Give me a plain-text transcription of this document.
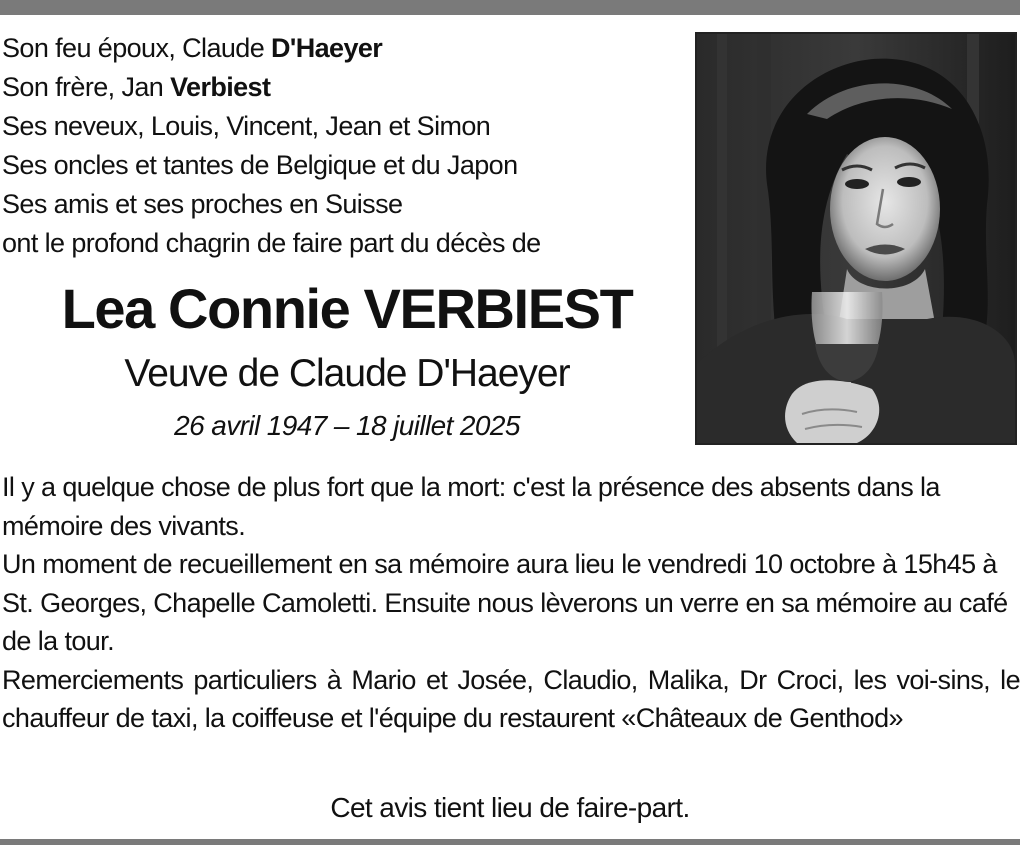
Son feu époux, Claude D'Haeyer
Son frère, Jan Verbiest
Ses neveux, Louis, Vincent, Jean et Simon
Ses oncles et tantes de Belgique et du Japon
Ses amis et ses proches en Suisse
ont le profond chagrin de faire part du décès de
Lea Connie VERBIEST
Veuve de Claude D'Haeyer
26 avril 1947 – 18 juillet 2025

Il y a quelque chose de plus fort que la mort: c'est la présence des absents dans la mémoire des vivants.

Un moment de recueillement en sa mémoire aura lieu le vendredi 10 octobre à 15h45 à St. Georges, Chapelle Camoletti. Ensuite nous lèverons un verre en sa mémoire au café de la tour.

Remerciements particuliers à Mario et Josée, Claudio, Malika, Dr Croci, les voi-sins, le chauffeur de taxi, la coiffeuse et l'équipe du restaurent «Châteaux de Genthod»

Cet avis tient lieu de faire-part.
